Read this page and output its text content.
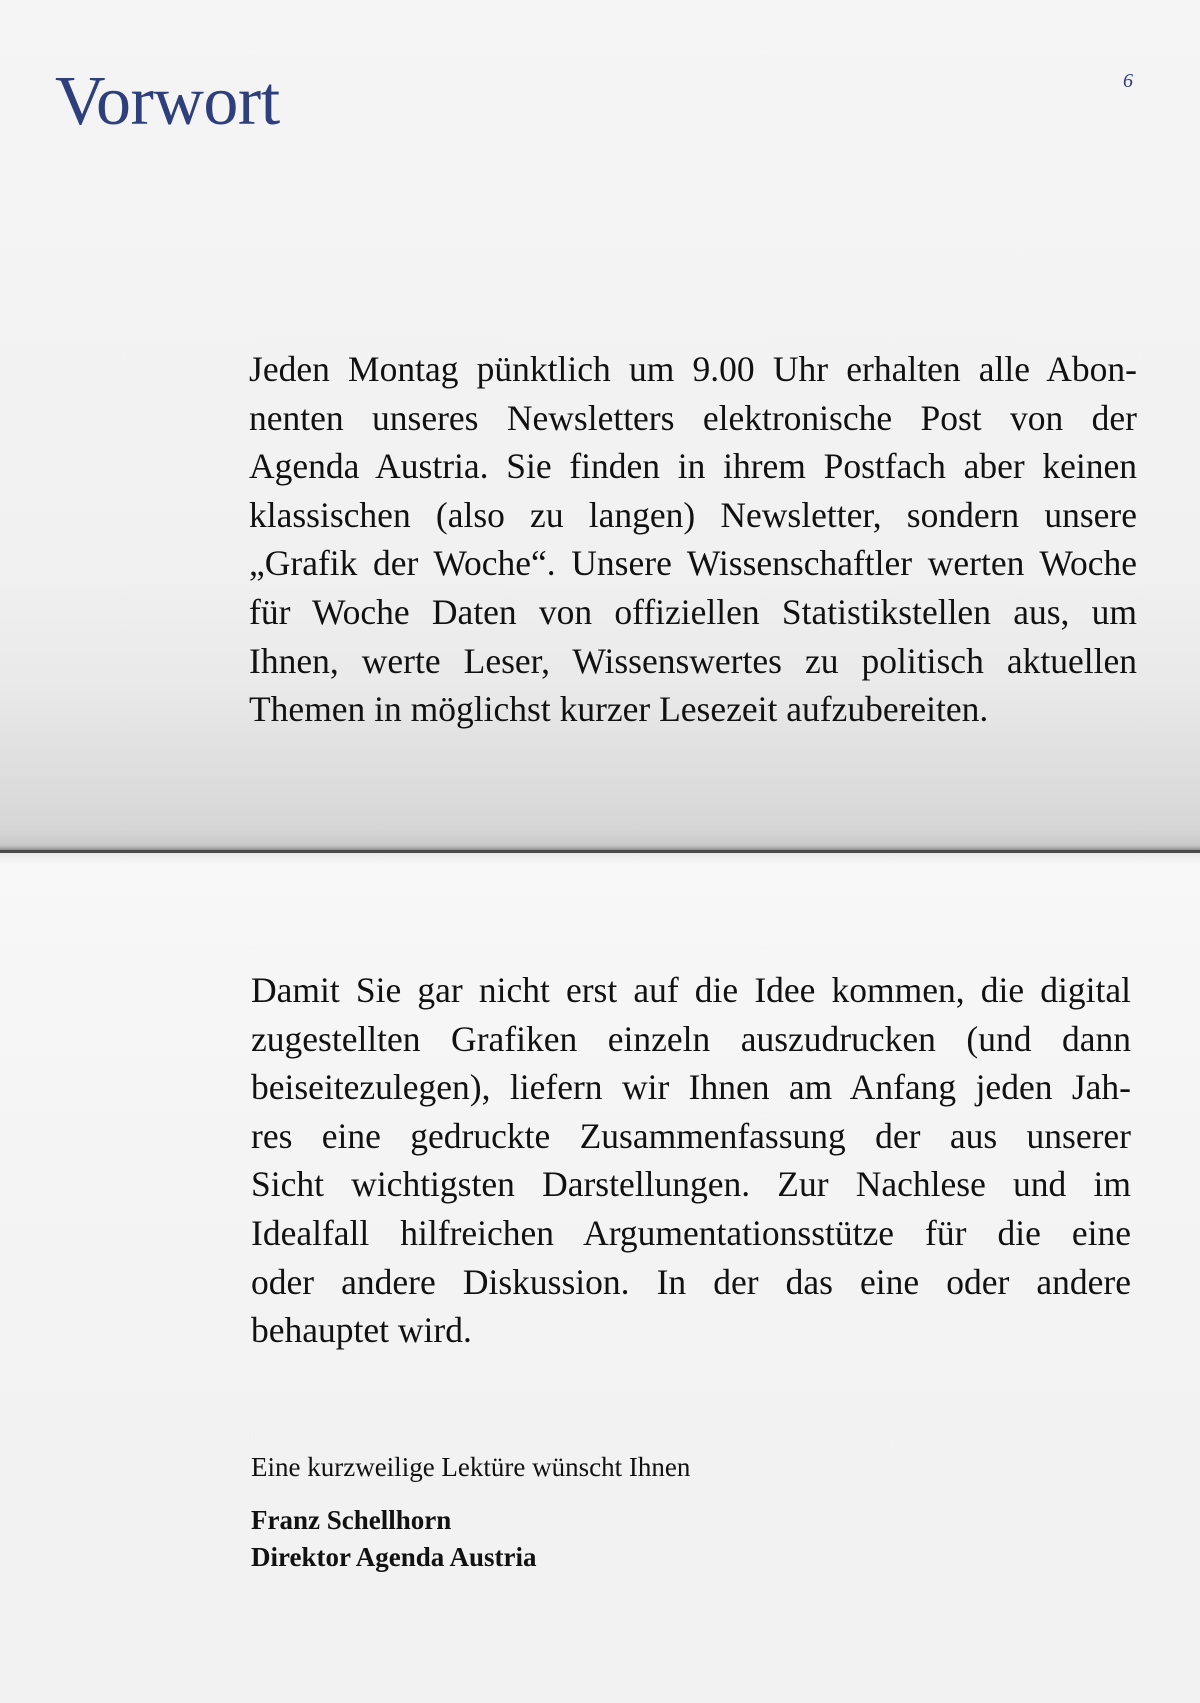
Vorwort	6
Jeden Montag pünktlich um 9.00 Uhr erhalten alle Abon-
nenten unseres Newsletters elektronische Post von der
Agenda Austria. Sie finden in ihrem Postfach aber keinen
klassischen (also zu langen) Newsletter, sondern unsere
„Grafik der Woche“. Unsere Wissenschaftler werten Woche
für Woche Daten von offiziellen Statistikstellen aus, um
Ihnen, werte Leser, Wissenswertes zu politisch aktuellen
Themen in möglichst kurzer Lesezeit aufzubereiten.
Damit Sie gar nicht erst auf die Idee kommen, die digital
zugestellten Grafiken einzeln auszudrucken (und dann
beiseitezulegen), liefern wir Ihnen am Anfang jeden Jah-
res eine gedruckte Zusammenfassung der aus unserer
Sicht wichtigsten Darstellungen. Zur Nachlese und im
Idealfall hilfreichen Argumentationsstütze für die eine
oder andere Diskussion. In der das eine oder andere
behauptet wird.
Eine kurzweilige Lektüre wünscht Ihnen
Franz Schellhorn
Direktor Agenda Austria
